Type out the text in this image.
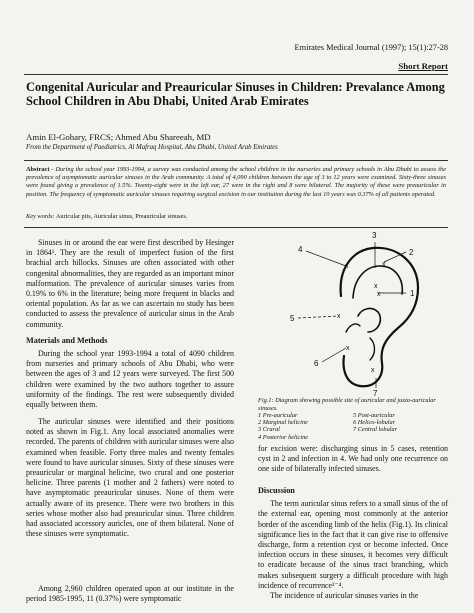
Emirates Medical Journal (1997); 15(1):27-28
Short Report
Congenital Auricular and Preauricular Sinuses in Children: Prevalance Among School Children in Abu Dhabi, United Arab Emirates
Amin El-Gohary, FRCS; Ahmed Abu Shareeah, MD
From the Department of Paediatrics, Al Mafraq Hospital, Abu Dhabi, United Arab Emirates
Abstract - During the school year 1993-1994, a survey was conducted among the school children in the nurseries and primary schools in Abu Dhabi to assess the prevalence of asymptomatic auricular sinuses in the Arab community. A total of 4,090 children between the age of 3 to 12 years were examined. Sixty-three sinuses were found giving a prevalence of 1.5%. Twenty-eight were in the left ear, 27 were in the right and 8 were bilateral. The majority of these were preauricular in position. The frequency of symptomatic auricular sinuses requiring surgical excision in our institution during the last 10 years was 0.37% of all patients operated.
Key words: Auricular pits, Auricular sinus, Preauricular sinuses.

Sinuses in or around the ear were first described by Hesinger in 1864¹. They are the result of imperfect fusion of the first brachial arch hillocks. Sinuses are often associated with other congenital abnormalities, they are regarded as an important minor malformation. The prevalence of auricular sinuses varies from 0.19% to 6% in the literature; being more frequent in blacks and oriental population. As far as we can ascertain no study has been conducted to assess the prevalence of auricular sinus in the Arab community.

Materials and Methods

During the school year 1993-1994 a total of 4090 children from nurseries and primary schools of Abu Dhabi, who were between the ages of 3 and 12 years were surveyed. The first 500 children were examined by the two authors together to assure uniformity of the findings. The rest were subsequently divided equally between them.

The auricular sinuses were identified and their positions noted as shown in Fig.1. Any local associated anomalies were recorded. The parents of children with auricular sinuses were also examined when feasible. Forty three males and twenty females were found to have auricular sinuses. Sixty of these sinuses were preauricular or marginal helicine, two crural and one posterior helicine. Three parents (1 mother and 2 fathers) were noted to have asymptomatic preauricular sinuses. None of them were actually aware of its presence. There were two brothers in this series whose mother also had preauricular sinus. Three children had associated accessory auricles, one of them bilateral. None of these sinuses were symptomatic.

Among 2,960 children operated upon at our institute in the period 1985-1995, 11 (0.37%) were symptomatic

3
4	2
1
5
6
7
x
x
x
x
x
x
x
Fig.1: Diagram showing possible site of auricular and juxta-auricular sinuses.
1 Pre-auricular	5 Post-auricular
2 Marginal helicine	6 Helico-lobular
3 Crural	7 Central lobular
4 Posterior helicine

for excision were: discharging sinus in 5 cases, retention cyst in 2 and infection in 4. We had only one recurrence on one side of bilaterally infected sinuses.

Discussion

The term auricular sinus refers to a small sinus of the of the external ear, opening most commonly at the anterior border of the ascending limb of the helix (Fig.1). Its clinical significance lies in the fact that it can give rise to offensive discharge, form a retention cyst or become infected. Once infection occurs in these sinuses, it becomes very difficult to eradicate because of the sinus tract branching, which makes subsequent surgery a difficult procedure with high incidence of recurrence³⁻⁴.

The incidence of auricular sinuses varies in the
